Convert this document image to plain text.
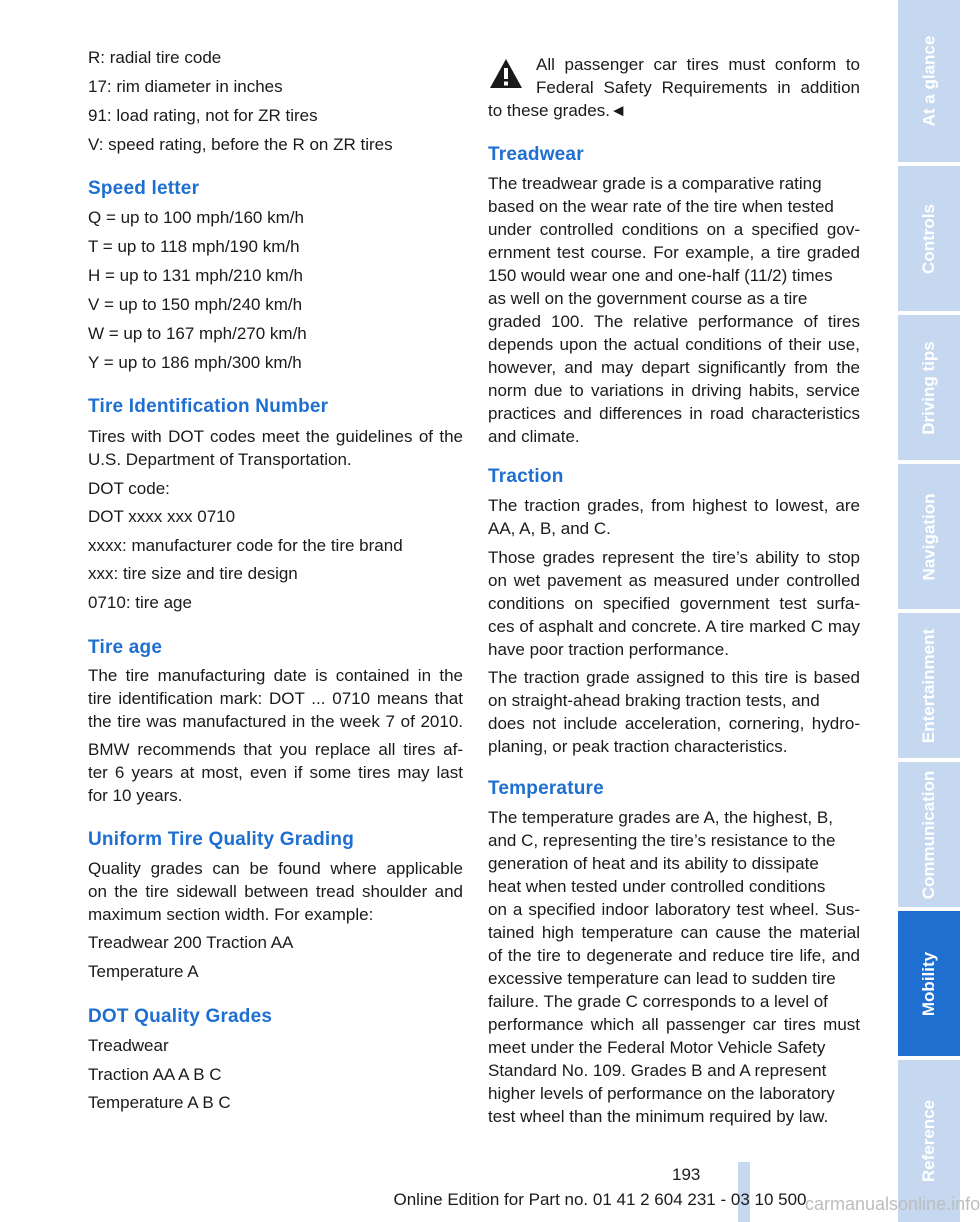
R: radial tire code
17: rim diameter in inches
91: load rating, not for ZR tires
V: speed rating, before the R on ZR tires
Speed letter
Q = up to 100 mph/160 km/h
T = up to 118 mph/190 km/h
H = up to 131 mph/210 km/h
V = up to 150 mph/240 km/h
W = up to 167 mph/270 km/h
Y = up to 186 mph/300 km/h
Tire Identification Number
Tires with DOT codes meet the guidelines of the
U.S. Department of Transportation.
DOT code:
DOT xxxx xxx 0710
xxxx: manufacturer code for the tire brand
xxx: tire size and tire design
0710: tire age
Tire age
The tire manufacturing date is contained in the
tire identification mark: DOT ... 0710 means that
the tire was manufactured in the week 7 of 2010.
BMW recommends that you replace all tires af-
ter 6 years at most, even if some tires may last
for 10 years.
Uniform Tire Quality Grading
Quality grades can be found where applicable
on the tire sidewall between tread shoulder and
maximum section width. For example:
Treadwear 200 Traction AA
Temperature A
DOT Quality Grades
Treadwear
Traction AA A B C
Temperature A B C
All passenger car tires must conform to
Federal Safety Requirements in addition
to these grades.◄
Treadwear
The treadwear grade is a comparative rating
based on the wear rate of the tire when tested
under controlled conditions on a specified gov-
ernment test course. For example, a tire graded
150 would wear one and one-half (11/2) times
as well on the government course as a tire
graded 100. The relative performance of tires
depends upon the actual conditions of their use,
however, and may depart significantly from the
norm due to variations in driving habits, service
practices and differences in road characteristics
and climate.
Traction
The traction grades, from highest to lowest, are
AA, A, B, and C.
Those grades represent the tire’s ability to stop
on wet pavement as measured under controlled
conditions on specified government test surfa-
ces of asphalt and concrete. A tire marked C may
have poor traction performance.
The traction grade assigned to this tire is based
on straight-ahead braking traction tests, and
does not include acceleration, cornering, hydro-
planing, or peak traction characteristics.
Temperature
The temperature grades are A, the highest, B,
and C, representing the tire’s resistance to the
generation of heat and its ability to dissipate
heat when tested under controlled conditions
on a specified indoor laboratory test wheel. Sus-
tained high temperature can cause the material
of the tire to degenerate and reduce tire life, and
excessive temperature can lead to sudden tire
failure. The grade C corresponds to a level of
performance which all passenger car tires must
meet under the Federal Motor Vehicle Safety
Standard No. 109. Grades B and A represent
higher levels of performance on the laboratory
test wheel than the minimum required by law.
At a glance
Controls
Driving tips
Navigation
Entertainment
Communication
Mobility
Reference
193
Online Edition for Part no. 01 41 2 604 231 - 03 10 500
carmanualsonline.info
